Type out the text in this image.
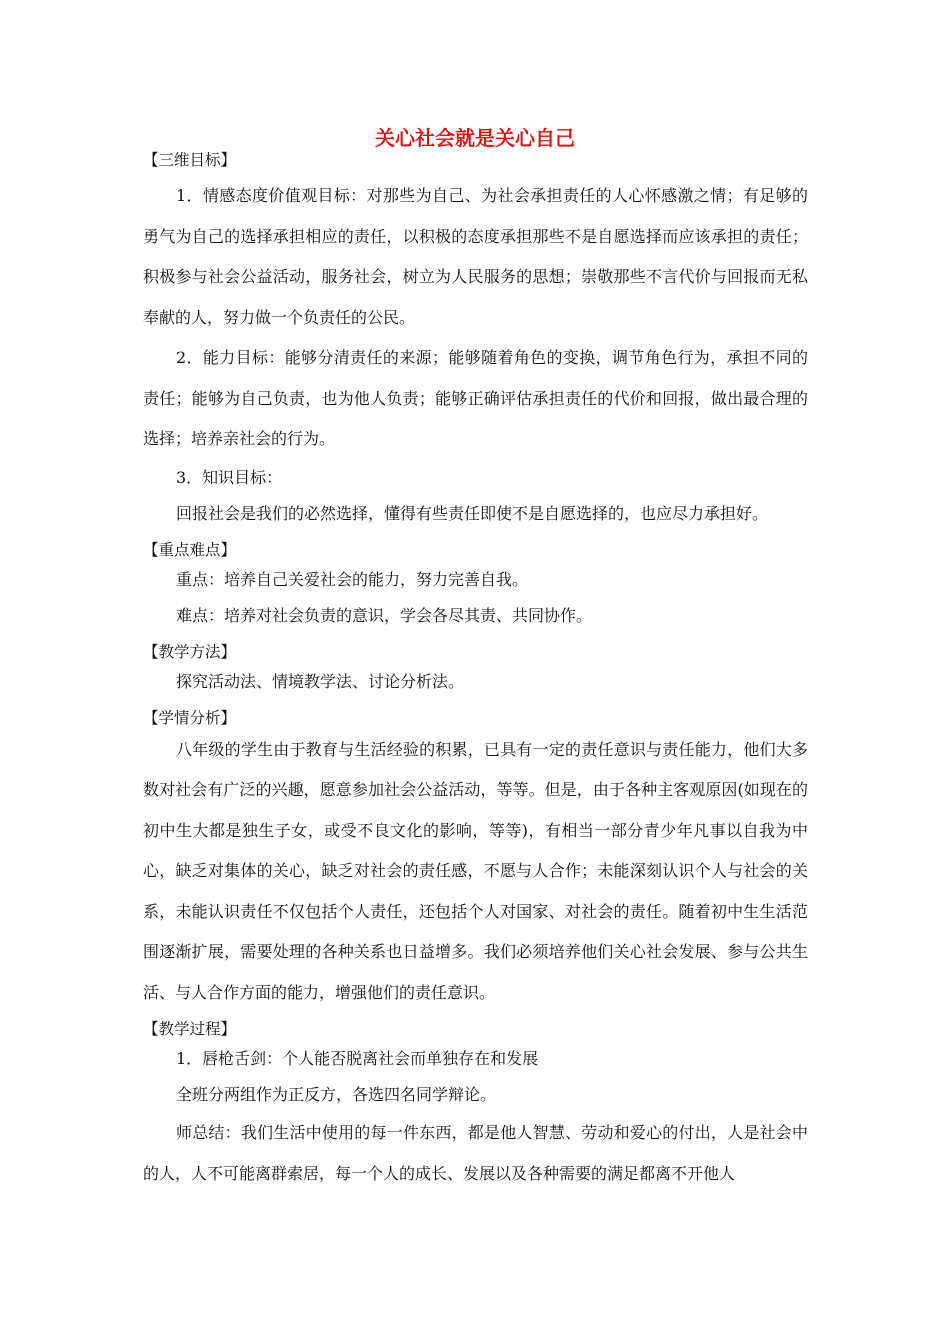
关心社会就是关心自己

【三维目标】

1．情感态度价值观目标：对那些为自己、为社会承担责任的人心怀感激之情；有足够的勇气为自己的选择承担相应的责任，以积极的态度承担那些不是自愿选择而应该承担的责任；积极参与社会公益活动，服务社会，树立为人民服务的思想；崇敬那些不言代价与回报而无私奉献的人，努力做一个负责任的公民。

2．能力目标：能够分清责任的来源；能够随着角色的变换，调节角色行为，承担不同的责任；能够为自己负责，也为他人负责；能够正确评估承担责任的代价和回报，做出最合理的选择；培养亲社会的行为。

3．知识目标：

回报社会是我们的必然选择，懂得有些责任即使不是自愿选择的，也应尽力承担好。

【重点难点】

重点：培养自己关爱社会的能力，努力完善自我。

难点：培养对社会负责的意识，学会各尽其责、共同协作。

【教学方法】

探究活动法、情境教学法、讨论分析法。

【学情分析】

八年级的学生由于教育与生活经验的积累，已具有一定的责任意识与责任能力，他们大多数对社会有广泛的兴趣，愿意参加社会公益活动，等等。但是，由于各种主客观原因(如现在的初中生大都是独生子女，或受不良文化的影响，等等)，有相当一部分青少年凡事以自我为中心，缺乏对集体的关心，缺乏对社会的责任感，不愿与人合作；未能深刻认识个人与社会的关系，未能认识责任不仅包括个人责任，还包括个人对国家、对社会的责任。随着初中生生活范围逐渐扩展，需要处理的各种关系也日益增多。我们必须培养他们关心社会发展、参与公共生活、与人合作方面的能力，增强他们的责任意识。

【教学过程】

1．唇枪舌剑：个人能否脱离社会而单独存在和发展

全班分两组作为正反方，各选四名同学辩论。

师总结：我们生活中使用的每一件东西，都是他人智慧、劳动和爱心的付出，人是社会中的人，人不可能离群索居，每一个人的成长、发展以及各种需要的满足都离不开他人
